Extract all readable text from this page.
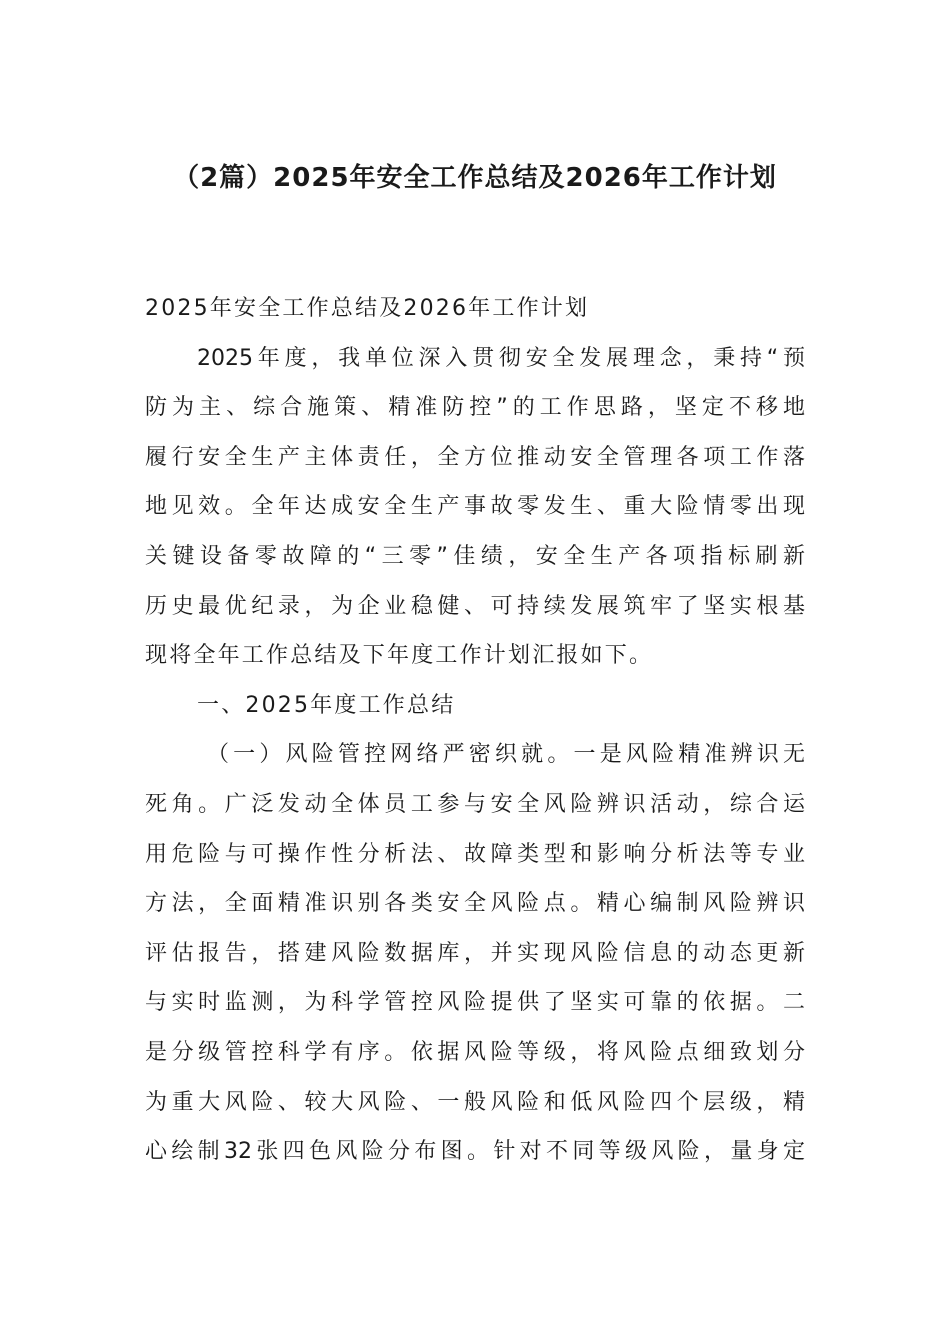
（2篇）2025年安全工作总结及2026年工作计划
2025年安全工作总结及2026年工作计划
2025年度，我单位深入贯彻安全发展理念，秉持“预
防为主、综合施策、精准防控”的工作思路，坚定不移地
履行安全生产主体责任，全方位推动安全管理各项工作落
地见效。全年达成安全生产事故零发生、重大险情零出现
关键设备零故障的“三零”佳绩，安全生产各项指标刷新
历史最优纪录，为企业稳健、可持续发展筑牢了坚实根基
现将全年工作总结及下年度工作计划汇报如下。
一、2025年度工作总结
（一）风险管控网络严密织就。一是风险精准辨识无
死角。广泛发动全体员工参与安全风险辨识活动，综合运
用危险与可操作性分析法、故障类型和影响分析法等专业
方法，全面精准识别各类安全风险点。精心编制风险辨识
评估报告，搭建风险数据库，并实现风险信息的动态更新
与实时监测，为科学管控风险提供了坚实可靠的依据。二
是分级管控科学有序。依据风险等级，将风险点细致划分
为重大风险、较大风险、一般风险和低风险四个层级，精
心绘制32张四色风险分布图。针对不同等级风险，量身定
